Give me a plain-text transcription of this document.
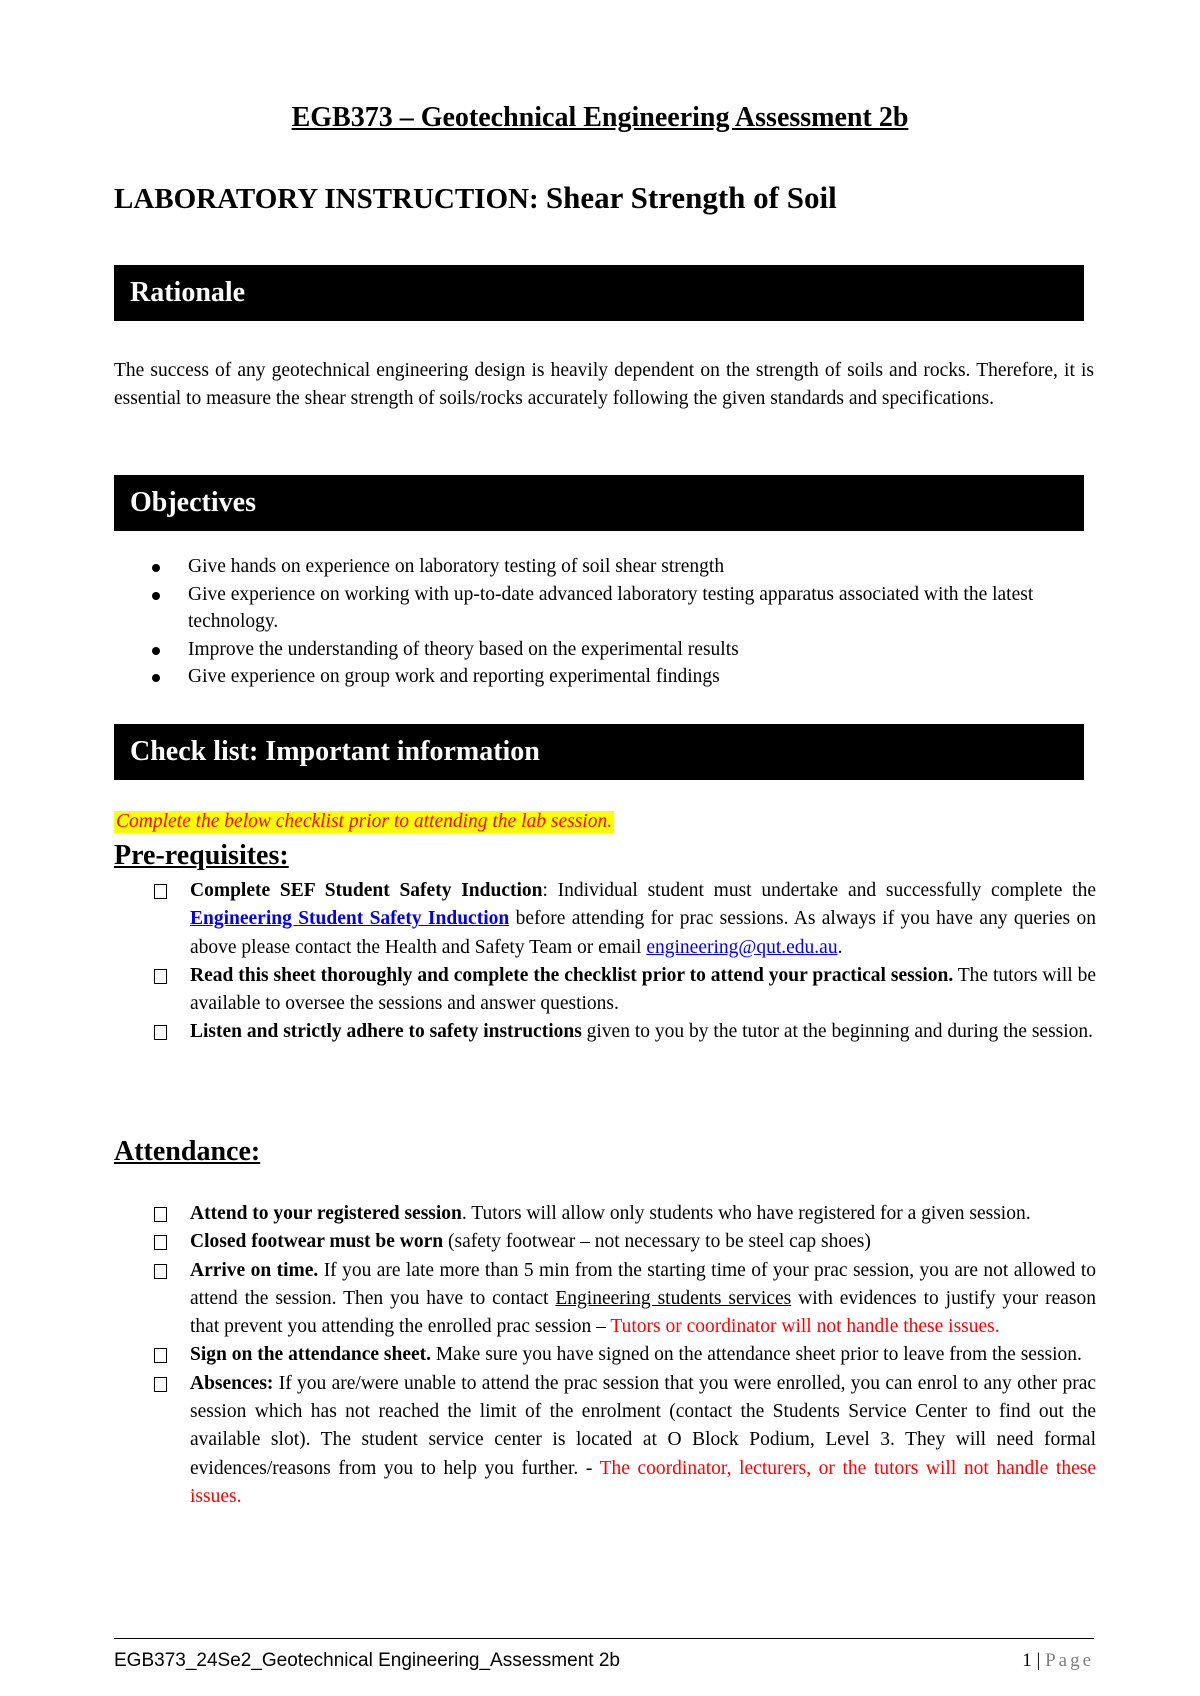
EGB373 – Geotechnical Engineering Assessment 2b
LABORATORY INSTRUCTION: Shear Strength of Soil
Rationale
The success of any geotechnical engineering design is heavily dependent on the strength of soils and rocks. Therefore, it is essential to measure the shear strength of soils/rocks accurately following the given standards and specifications.
Objectives
Give hands on experience on laboratory testing of soil shear strength
Give experience on working with up-to-date advanced laboratory testing apparatus associated with the latest technology.
Improve the understanding of theory based on the experimental results
Give experience on group work and reporting experimental findings
Check list: Important information
Complete the below checklist prior to attending the lab session.
Pre-requisites:
Complete SEF Student Safety Induction: Individual student must undertake and successfully complete the Engineering Student Safety Induction before attending for prac sessions. As always if you have any queries on above please contact the Health and Safety Team or email engineering@qut.edu.au.
Read this sheet thoroughly and complete the checklist prior to attend your practical session. The tutors will be available to oversee the sessions and answer questions.
Listen and strictly adhere to safety instructions given to you by the tutor at the beginning and during the session.
Attendance:
Attend to your registered session. Tutors will allow only students who have registered for a given session.
Closed footwear must be worn (safety footwear – not necessary to be steel cap shoes)
Arrive on time. If you are late more than 5 min from the starting time of your prac session, you are not allowed to attend the session. Then you have to contact Engineering students services with evidences to justify your reason that prevent you attending the enrolled prac session – Tutors or coordinator will not handle these issues.
Sign on the attendance sheet. Make sure you have signed on the attendance sheet prior to leave from the session.
Absences: If you are/were unable to attend the prac session that you were enrolled, you can enrol to any other prac session which has not reached the limit of the enrolment (contact the Students Service Center to find out the available slot). The student service center is located at O Block Podium, Level 3. They will need formal evidences/reasons from you to help you further. - The coordinator, lecturers, or the tutors will not handle these issues.
EGB373_24Se2_Geotechnical Engineering_Assessment 2b	1 | Page
